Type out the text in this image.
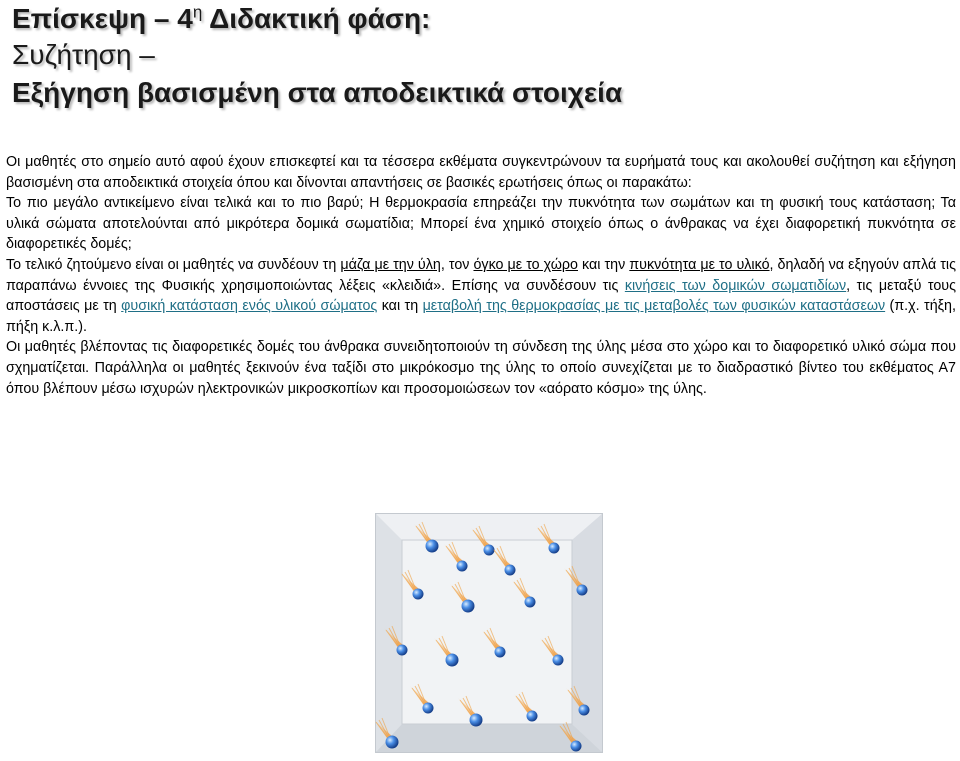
Επίσκεψη – $4^\eta$ Διδακτική φάση:
Συζήτηση –
Εξήγηση βασισμένη στα αποδεικτικά στοιχεία

Οι μαθητές στο σημείο αυτό αφού έχουν επισκεφτεί και τα τέσσερα εκθέματα συγκεντρώνουν τα ευρήματά τους και ακολουθεί συζήτηση και εξήγηση βασισμένη στα αποδεικτικά στοιχεία όπου και δίνονται απαντήσεις σε βασικές ερωτήσεις όπως οι παρακάτω:

Το πιο μεγάλο αντικείμενο είναι τελικά και το πιο βαρύ; Η θερμοκρασία επηρεάζει την πυκνότητα των σωμάτων και τη φυσική τους κατάσταση; Τα υλικά σώματα αποτελούνται από μικρότερα δομικά σωματίδια; Μπορεί ένα χημικό στοιχείο όπως ο άνθρακας να έχει διαφορετική πυκνότητα σε διαφορετικές δομές;

Το τελικό ζητούμενο είναι οι μαθητές να συνδέουν τη μάζα με την ύλη, τον όγκο με το χώρο και την πυκνότητα με το υλικό, δηλαδή να εξηγούν απλά τις παραπάνω έννοιες της Φυσικής χρησιμοποιώντας λέξεις «κλειδιά». Επίσης να συνδέσουν τις κινήσεις των δομικών σωματιδίων, τις μεταξύ τους αποστάσεις με τη φυσική κατάσταση ενός υλικού σώματος και τη μεταβολή της θερμοκρασίας με τις μεταβολές των φυσικών καταστάσεων (π.χ. τήξη, πήξη κ.λ.π.).

Οι μαθητές βλέποντας τις διαφορετικές δομές του άνθρακα συνειδητοποιούν τη σύνδεση της ύλης μέσα στο χώρο και το διαφορετικό υλικό σώμα που σχηματίζεται. Παράλληλα οι μαθητές ξεκινούν ένα ταξίδι στο μικρόκοσμο της ύλης το οποίο συνεχίζεται με το διαδραστικό βίντεο του εκθέματος Α7 όπου βλέπουν μέσω ισχυρών ηλεκτρονικών μικροσκοπίων και προσομοιώσεων τον «αόρατο κόσμο» της ύλης.
